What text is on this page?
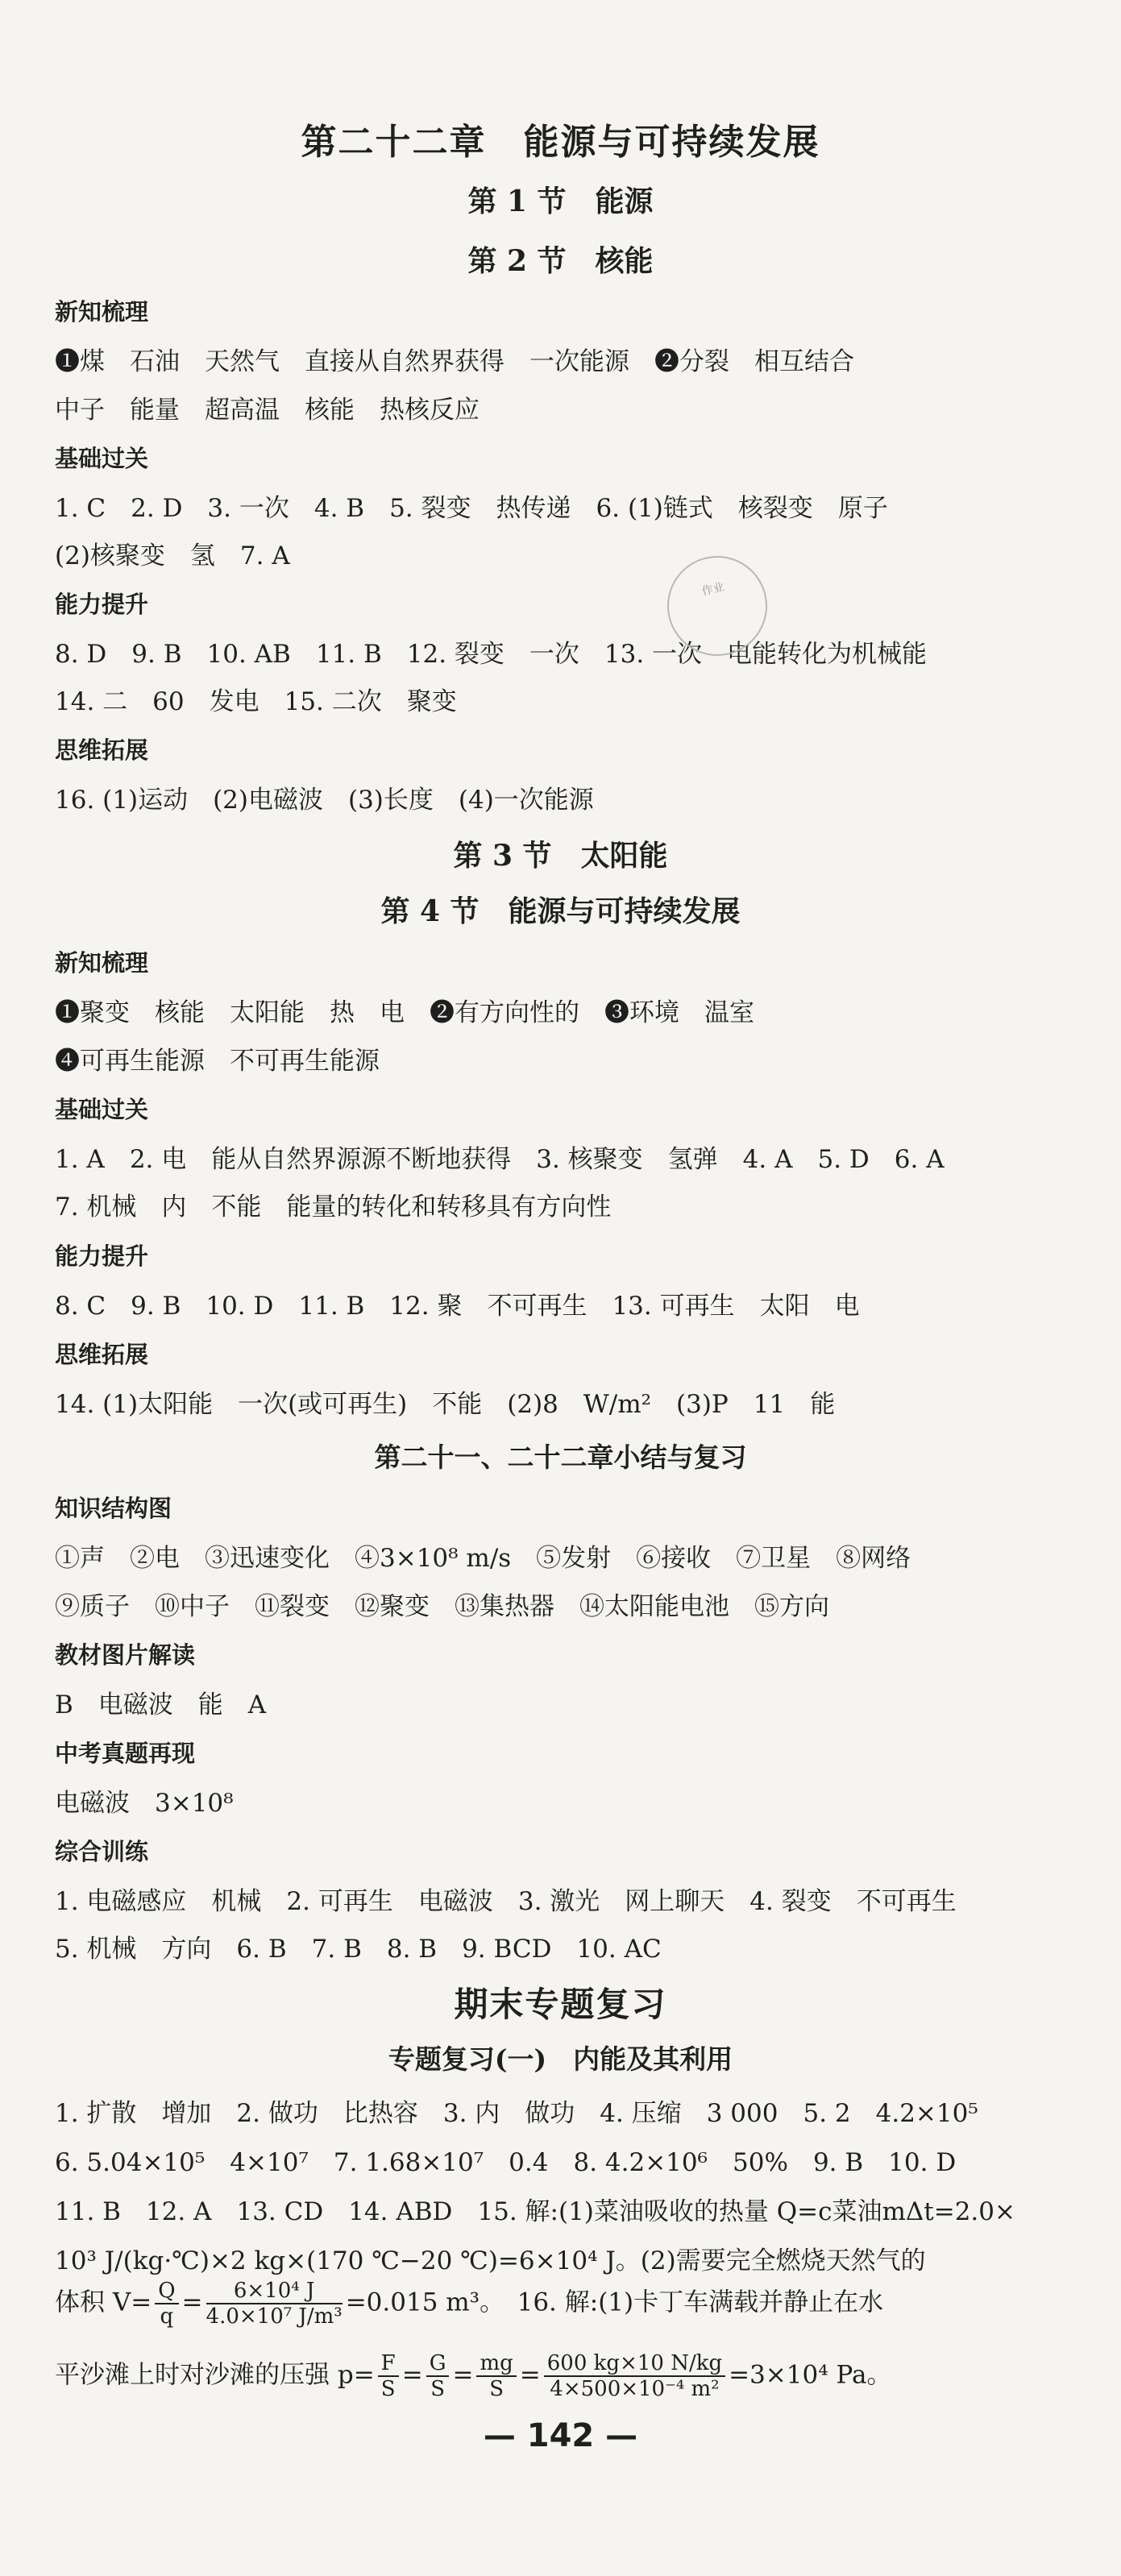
第二十二章　能源与可持续发展
第 1 节　能源
第 2 节　核能
新知梳理
❶煤　石油　天然气　直接从自然界获得　一次能源　❷分裂　相互结合
中子　能量　超高温　核能　热核反应
基础过关
1. C　2. D　3. 一次　4. B　5. 裂变　热传递　6. (1)链式　核裂变　原子
(2)核聚变　氢　7. A
能力提升
8. D　9. B　10. AB　11. B　12. 裂变　一次　13. 一次　电能转化为机械能
14. 二　60　发电　15. 二次　聚变
思维拓展
16. (1)运动　(2)电磁波　(3)长度　(4)一次能源
第 3 节　太阳能
第 4 节　能源与可持续发展
新知梳理
❶聚变　核能　太阳能　热　电　❷有方向性的　❸环境　温室
❹可再生能源　不可再生能源
基础过关
1. A　2. 电　能从自然界源源不断地获得　3. 核聚变　氢弹　4. A　5. D　6. A
7. 机械　内　不能　能量的转化和转移具有方向性
能力提升
8. C　9. B　10. D　11. B　12. 聚　不可再生　13. 可再生　太阳　电
思维拓展
14. (1)太阳能　一次(或可再生)　不能　(2)8　W/m²　(3)P　11　能
第二十一、二十二章小结与复习
知识结构图
①声　②电　③迅速变化　④3×10⁸ m/s　⑤发射　⑥接收　⑦卫星　⑧网络
⑨质子　⑩中子　⑪裂变　⑫聚变　⑬集热器　⑭太阳能电池　⑮方向
教材图片解读
B　电磁波　能　A
中考真题再现
电磁波　3×10⁸
综合训练
1. 电磁感应　机械　2. 可再生　电磁波　3. 激光　网上聊天　4. 裂变　不可再生
5. 机械　方向　6. B　7. B　8. B　9. BCD　10. AC
期末专题复习
专题复习(一)　内能及其利用
1. 扩散　增加　2. 做功　比热容　3. 内　做功　4. 压缩　3 000　5. 2　4.2×10⁵
6. 5.04×10⁵　4×10⁷　7. 1.68×10⁷　0.4　8. 4.2×10⁶　50%　9. B　10. D
11. B　12. A　13. CD　14. ABD　15. 解:(1)菜油吸收的热量 Q=c菜油mΔt=2.0×
10³ J/(kg·℃)×2 kg×(170 ℃−20 ℃)=6×10⁴ J。(2)需要完全燃烧天然气的
体积 $V= \frac{Q}{q} = \frac{\text{6×10⁴ J}}{\text{4.0×10⁷ J/m³}} =0.015$ m³。　16. 解:(1)卡丁车满载并静止在水
平沙滩上时对沙滩的压强 $p= \frac{F}{S} = \frac{G}{S} = \frac{mg}{S} = \frac{600 kg\times 10 N/kg}{\text{4×500×10⁻⁴ m²}} =3\times 10^4$ Pa。
— 142 —
作业
